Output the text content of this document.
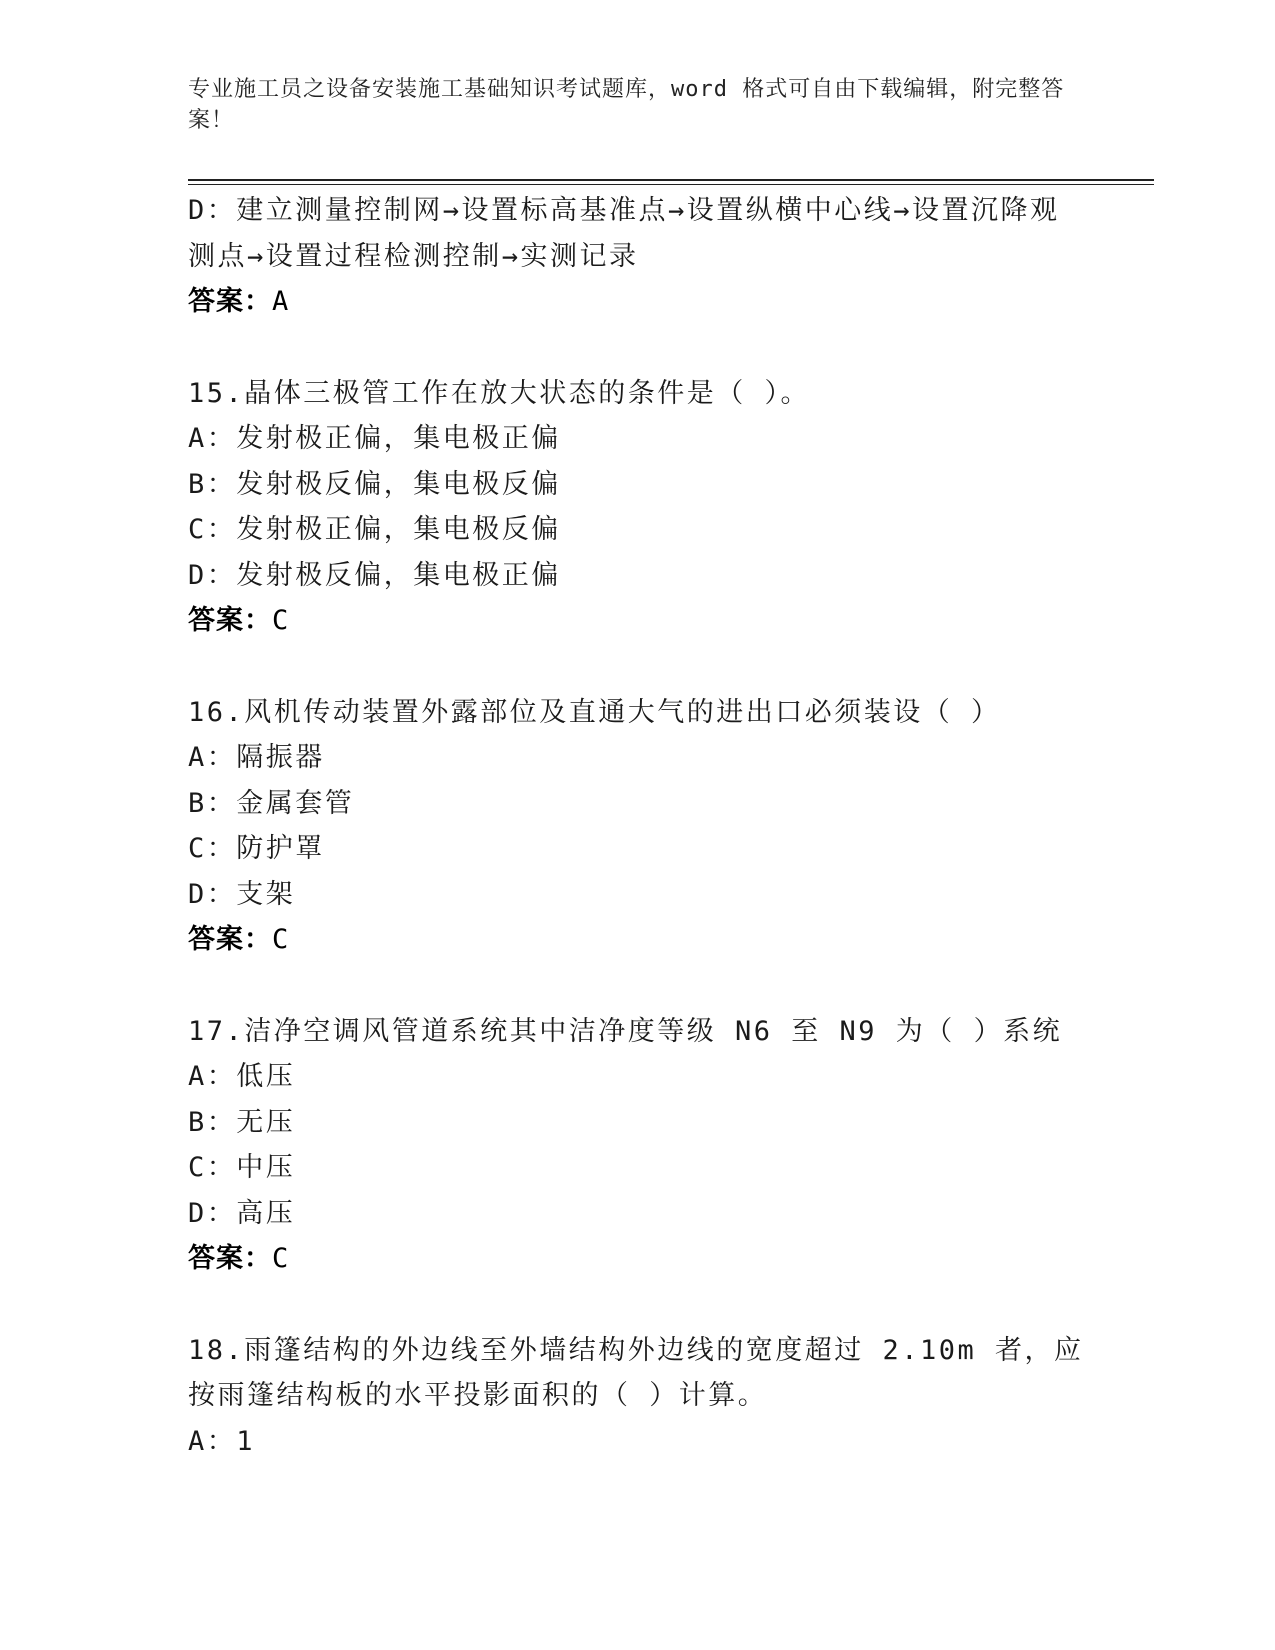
专业施工员之设备安装施工基础知识考试题库，word 格式可自由下载编辑，附完整答案！
D：建立测量控制网→设置标高基准点→设置纵横中心线→设置沉降观测点→设置过程检测控制→实测记录
答案：A
15.晶体三极管工作在放大状态的条件是（ ）。
A：发射极正偏，集电极正偏
B：发射极反偏，集电极反偏
C：发射极正偏，集电极反偏
D：发射极反偏，集电极正偏
答案：C
16.风机传动装置外露部位及直通大气的进出口必须装设（ ）
A：隔振器
B：金属套管
C：防护罩
D：支架
答案：C
17.洁净空调风管道系统其中洁净度等级 N6 至 N9 为（ ）系统
A：低压
B：无压
C：中压
D：高压
答案：C
18.雨篷结构的外边线至外墙结构外边线的宽度超过 2.10m 者，应按雨篷结构板的水平投影面积的（ ）计算。
A：1
